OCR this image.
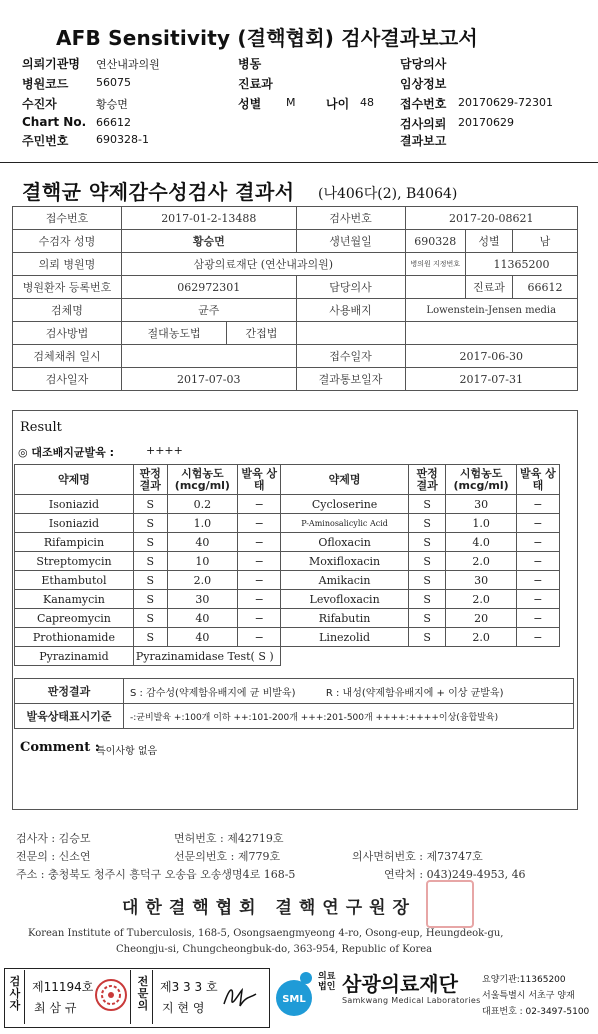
AFB Sensitivity (결핵협회) 검사결과보고서
의뢰기관명 연산내과의원
병원코드	56075
수진자	황승면
Chart No. 66612
주민번호	690328-1
병동
진료과
성별 M	나이 48
담당의사
임상정보
접수번호 20170629-72301
검사의뢰 20170629
결과보고
결핵균 약제감수성검사 결과서 (나406다(2), B4064)
접수번호	2017-01-2-13488		검사번호	2017-20-08621		
수검자 성명	황승면		생년월일	690328	성별	남
의뢰 병원명	삼광의료재단 (연산내과의원)			병의원 지정번호	11365200	
병원환자 등록번호	062972301		담당의사		진료과	66612
검체명	균주		사용배지	Lowenstein-Jensen media		
검사방법	절대농도법	간접법				
검체채취 일시			접수일자	2017-06-30		
검사일자	2017-07-03		결과통보일자	2017-07-31		
Result
◎ 대조배지균발육 :	++++
약제명	판정 결과	시험농도 (mcg/ml)	발육 상태	약제명	판정 결과	시험농도 (mcg/ml)	발육 상태
Isoniazid	S	0.2	−	Cycloserine	S	30	−
Isoniazid	S	1.0	−	P-Aminosalicylic Acid	S	1.0	−
Rifampicin	S	40	−	Ofloxacin	S	4.0	−
Streptomycin	S	10	−	Moxifloxacin	S	2.0	−
Ethambutol	S	2.0	−	Amikacin	S	30	−
Kanamycin	S	30	−	Levofloxacin	S	2.0	−
Capreomycin	S	40	−	Rifabutin	S	20	−
Prothionamide	S	40	−	Linezolid	S	2.0	−
Pyrazinamid	Pyrazinamidase Test( S )						
판정결과	S : 감수성(약제함유배지에 균 비발육) R : 내성(약제함유배지에 + 이상 균발육)
발육상태표시기준	-:균비발육 +:100개 이하 ++:101-200개 +++:201-500개 ++++:++++이상(융합발육)
Comment :
특이사항 없음
검사자 : 김승모	면허번호 : 제42719호
전문의 : 신소연	선문의번호 : 제779호	의사면허번호 : 제73747호
주소 : 충청북도 청주시 흥덕구 오송읍 오송생명4로 168-5	연락처 : 043)249-4953, 46
대한결핵협회 결핵연구원장
Korean Institute of Tuberculosis, 168-5, Osongsaengmyeong 4-ro, Osong-eup, Heungdeok-gu,
Cheongju-si, Chungcheongbuk-do, 363-954, Republic of Korea
검사자
제11194호
최 삼 규
전문의
제3 3 3 호
지 현 영
SML
의료법인 삼광의료재단
Samkwang Medical Laboratories
요양기관:11365200
서울특별시 서초구 양재
대표번호 : 02-3497-5100
